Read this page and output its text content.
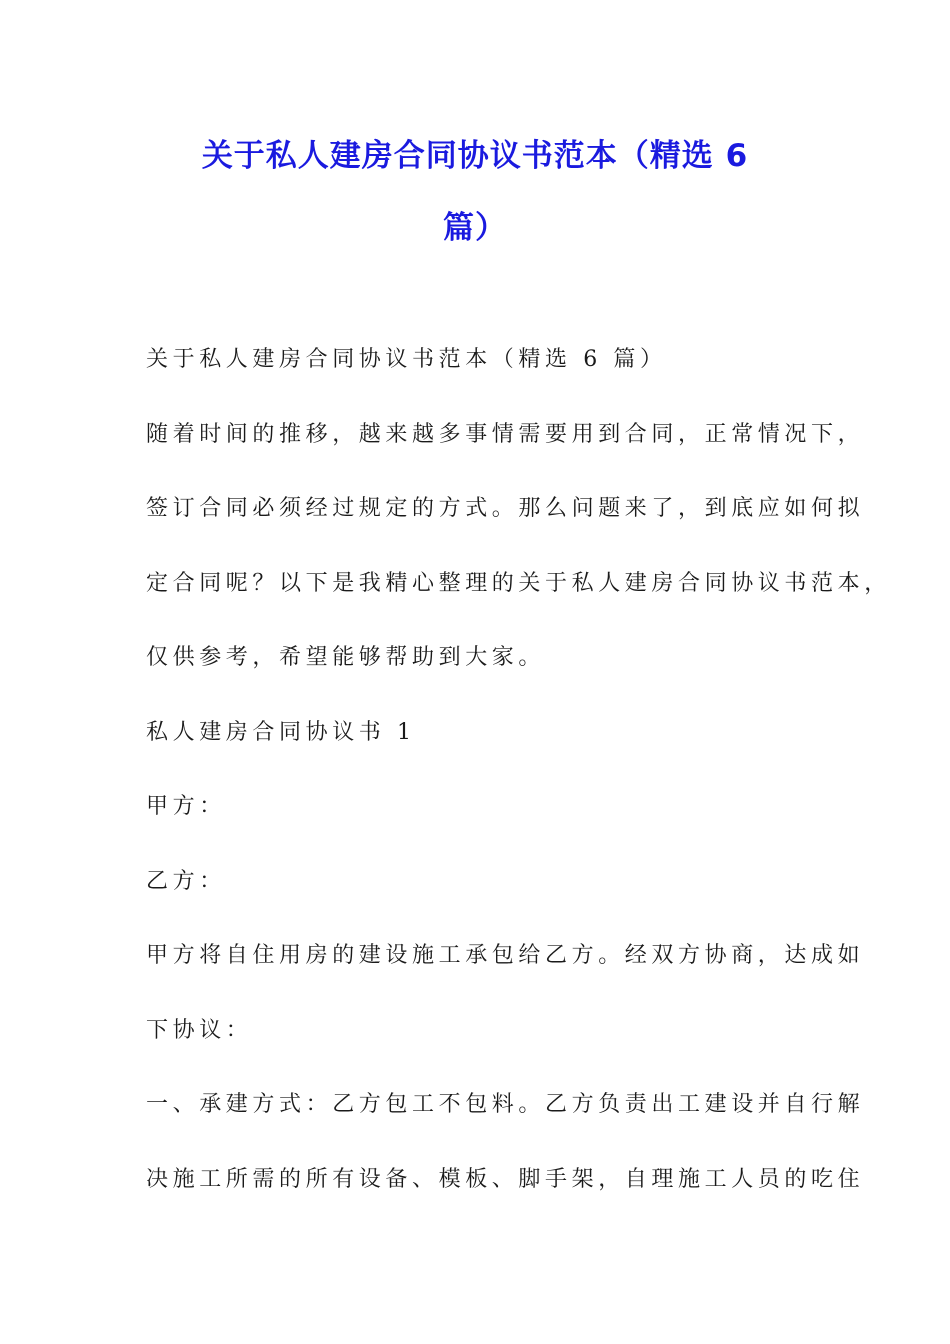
关于私人建房合同协议书范本（精选 6
篇）
关于私人建房合同协议书范本（精选 6 篇）
随着时间的推移，越来越多事情需要用到合同，正常情况下，
签订合同必须经过规定的方式。那么问题来了，到底应如何拟
定合同呢？以下是我精心整理的关于私人建房合同协议书范本，
仅供参考，希望能够帮助到大家。
私人建房合同协议书 1
甲方：
乙方：
甲方将自住用房的建设施工承包给乙方。经双方协商，达成如
下协议：
一、承建方式：乙方包工不包料。乙方负责出工建设并自行解
决施工所需的所有设备、模板、脚手架，自理施工人员的吃住
